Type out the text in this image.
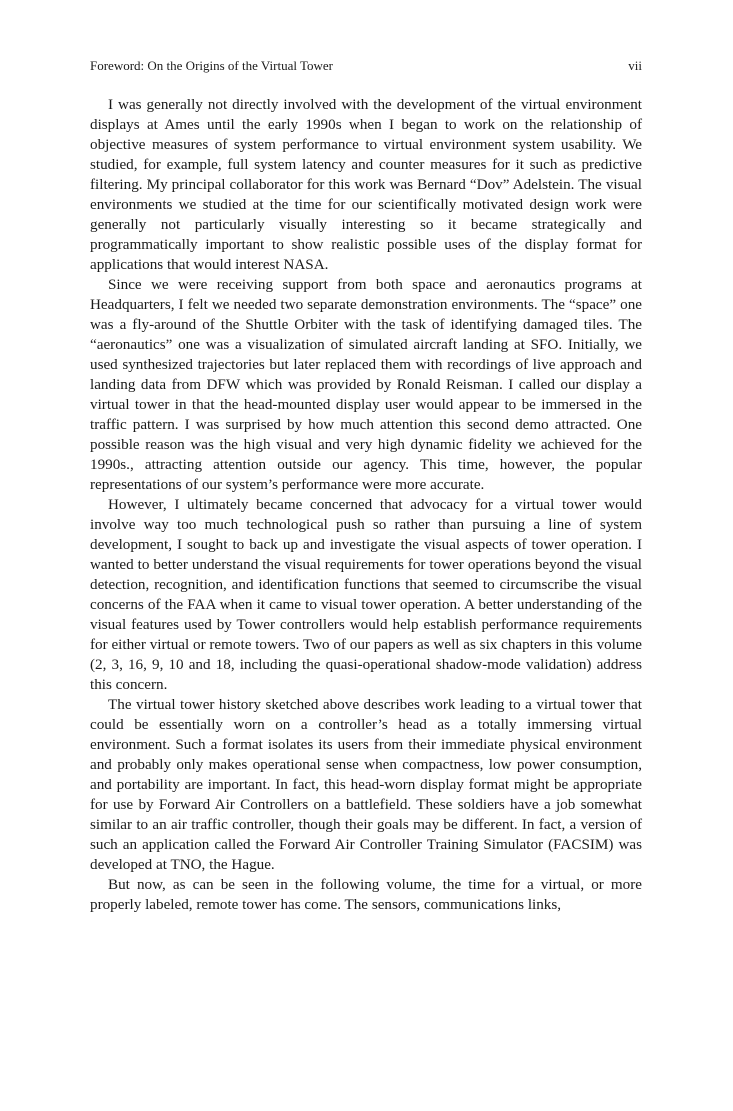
Foreword: On the Origins of the Virtual Tower	vii

I was generally not directly involved with the development of the virtual environment displays at Ames until the early 1990s when I began to work on the relationship of objective measures of system performance to virtual environment system usability. We studied, for example, full system latency and counter measures for it such as predictive filtering. My principal collaborator for this work was Bernard “Dov” Adelstein. The visual environments we studied at the time for our scientifically motivated design work were generally not particularly visually interesting so it became strategically and programmatically important to show realistic possible uses of the display format for applications that would interest NASA.

Since we were receiving support from both space and aeronautics programs at Headquarters, I felt we needed two separate demonstration environments. The “space” one was a fly-around of the Shuttle Orbiter with the task of identifying damaged tiles. The “aeronautics” one was a visualization of simulated aircraft landing at SFO. Initially, we used synthesized trajectories but later replaced them with recordings of live approach and landing data from DFW which was provided by Ronald Reisman. I called our display a virtual tower in that the head-mounted display user would appear to be immersed in the traffic pattern. I was surprised by how much attention this second demo attracted. One possible reason was the high visual and very high dynamic fidelity we achieved for the 1990s., attracting attention outside our agency. This time, however, the popular representations of our system’s performance were more accurate.

However, I ultimately became concerned that advocacy for a virtual tower would involve way too much technological push so rather than pursuing a line of system development, I sought to back up and investigate the visual aspects of tower operation. I wanted to better understand the visual requirements for tower operations beyond the visual detection, recognition, and identification functions that seemed to circumscribe the visual concerns of the FAA when it came to visual tower operation. A better understanding of the visual features used by Tower controllers would help establish performance requirements for either virtual or remote towers. Two of our papers as well as six chapters in this volume (2, 3, 16, 9, 10 and 18, including the quasi-operational shadow-mode validation) address this concern.

The virtual tower history sketched above describes work leading to a virtual tower that could be essentially worn on a controller’s head as a totally immersing virtual environment. Such a format isolates its users from their immediate physical environment and probably only makes operational sense when compactness, low power consumption, and portability are important. In fact, this head-worn display format might be appropriate for use by Forward Air Controllers on a battlefield. These soldiers have a job somewhat similar to an air traffic controller, though their goals may be different. In fact, a version of such an application called the Forward Air Controller Training Simulator (FACSIM) was developed at TNO, the Hague.

But now, as can be seen in the following volume, the time for a virtual, or more properly labeled, remote tower has come. The sensors, communications links,
